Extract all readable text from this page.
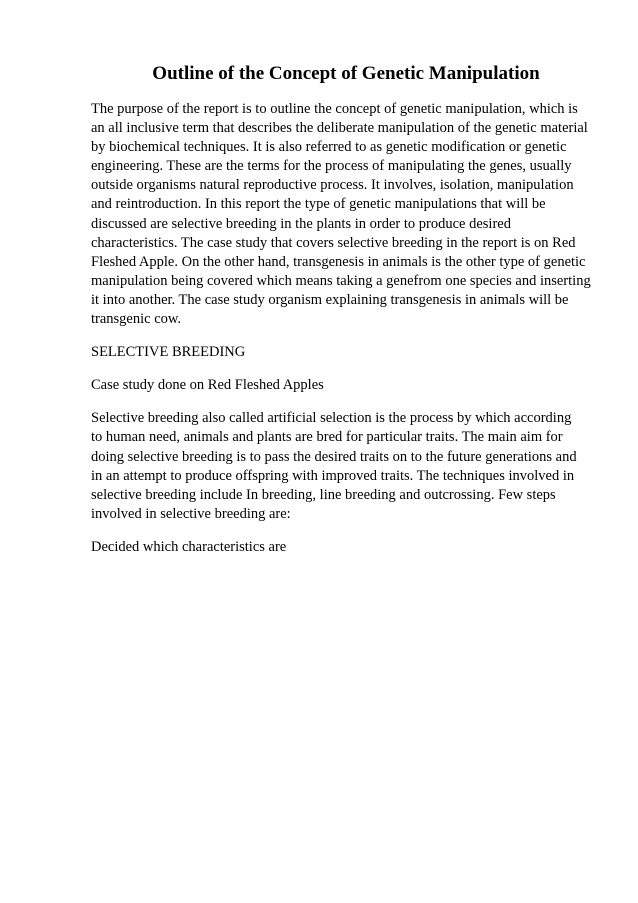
Outline of the Concept of Genetic Manipulation
The purpose of the report is to outline the concept of genetic manipulation, which is
an all inclusive term that describes the deliberate manipulation of the genetic material
by biochemical techniques. It is also referred to as genetic modification or genetic
engineering. These are the terms for the process of manipulating the genes, usually
outside organisms natural reproductive process. It involves, isolation, manipulation
and reintroduction. In this report the type of genetic manipulations that will be
discussed are selective breeding in the plants in order to produce desired
characteristics. The case study that covers selective breeding in the report is on Red
Fleshed Apple. On the other hand, transgenesis in animals is the other type of genetic
manipulation being covered which means taking a genefrom one species and inserting
it into another. The case study organism explaining transgenesis in animals will be
transgenic cow.
SELECTIVE BREEDING
Case study done on Red Fleshed Apples
Selective breeding also called artificial selection is the process by which according
to human need, animals and plants are bred for particular traits. The main aim for
doing selective breeding is to pass the desired traits on to the future generations and
in an attempt to produce offspring with improved traits. The techniques involved in
selective breeding include In breeding, line breeding and outcrossing. Few steps
involved in selective breeding are:
Decided which characteristics are
